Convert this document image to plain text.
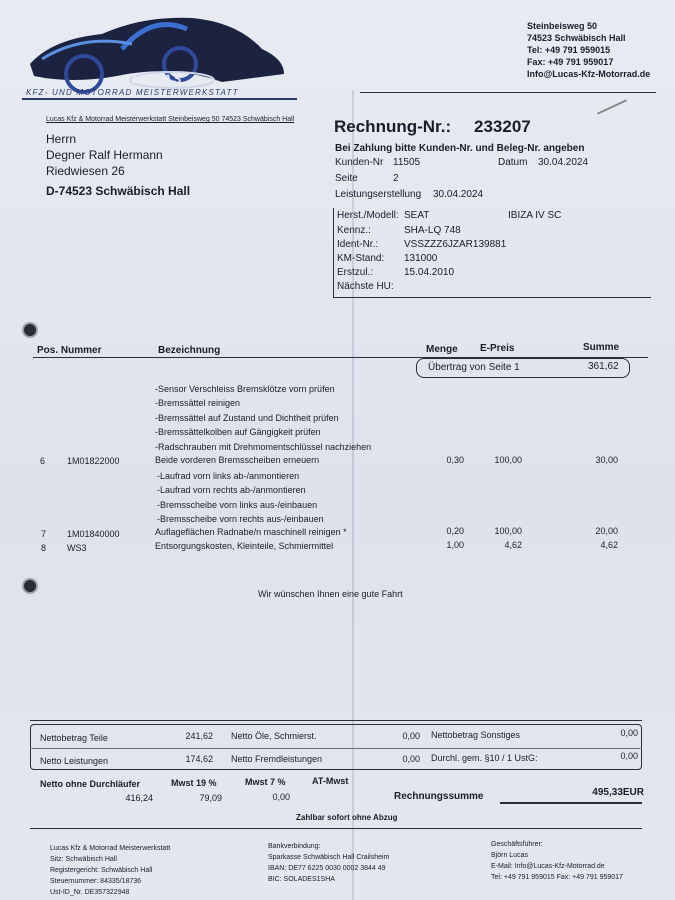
LUCAS
KFZ- UND MOTORRAD MEISTERWERKSTATT
Steinbeisweg 50
74523 Schwäbisch Hall
Tel: +49 791 959015
Fax: +49 791 959017
Info@Lucas-Kfz-Motorrad.de
Lucas Kfz & Motorrad Meisterwerkstatt Steinbeisweg 50 74523 Schwäbisch Hall
Herrn
Degner Ralf Hermann
Riedwiesen 26
D-74523 Schwäbisch Hall
Rechnung-Nr.: 233207
Bei Zahlung bitte Kunden-Nr. und Beleg-Nr. angeben
Kunden-Nr 11505	Datum 30.04.2024
Seite	2
Leistungserstellung 30.04.2024
Herst./Modell: SEAT	IBIZA IV SC
Kennz.:	SHA-LQ 748
Ident-Nr.:	VSSZZZ6JZAR139881
KM-Stand: 131000
Erstzul.:	15.04.2010
Nächste HU:
Pos. Nummer	Bezeichnung	Menge E-Preis	Summe
Übertrag von Seite 1	361,62
-Sensor Verschleiss Bremsklötze vorn prüfen
-Bremssättel reinigen
-Bremssättel auf Zustand und Dichtheit prüfen
-Bremssättelkolben auf Gängigkeit prüfen
-Radschrauben mit Drehmomentschlüssel nachziehen
6 1M01822000	Beide vorderen Bremsscheiben erneuern	0,30	100,00	30,00
-Laufrad vorn links ab-/anmontieren
-Laufrad vorn rechts ab-/anmontieren
-Bremsscheibe vorn links aus-/einbauen
-Bremsscheibe vorn rechts aus-/einbauen
7 1M01840000	Auflageflächen Radnabe/n maschinell reinigen *	0,20	100,00	20,00
8 WS3	Entsorgungskosten, Kleinteile, Schmiermittel	1,00	4,62	4,62
Wir wünschen Ihnen eine gute Fahrt
Nettobetrag Teile	241,62 Netto Öle, Schmierst.	0,00 Nettobetrag Sonstiges	0,00
Netto Leistungen	174,62 Netto Fremdleistungen	0,00 Durchl. gem. §10 / 1 UstG:	0,00
Netto ohne Durchläufer
416,24
Mwst 19 %
79,09
Mwst 7 %
0,00
AT-Mwst
Rechnungssumme	495,33EUR
Zahlbar sofort ohne Abzug
Lucas Kfz & Motorrad Meisterwerkstatt
Sitz: Schwäbisch Hall
Registergericht: Schwäbisch Hall
Steuernummer: 84335/18736
Ust-ID_Nr. DE357322948
Bankverbindung:
Sparkasse Schwäbisch Hall Crailsheim
IBAN: DE77 6225 0030 0002 3844 49
BIC: SOLADES1SHA
Geschäftsführer:
Björn Lucas
E-Mail: Info@Lucas-Kfz-Motorrad.de
Tel: +49 791 959015 Fax: +49 791 959017
